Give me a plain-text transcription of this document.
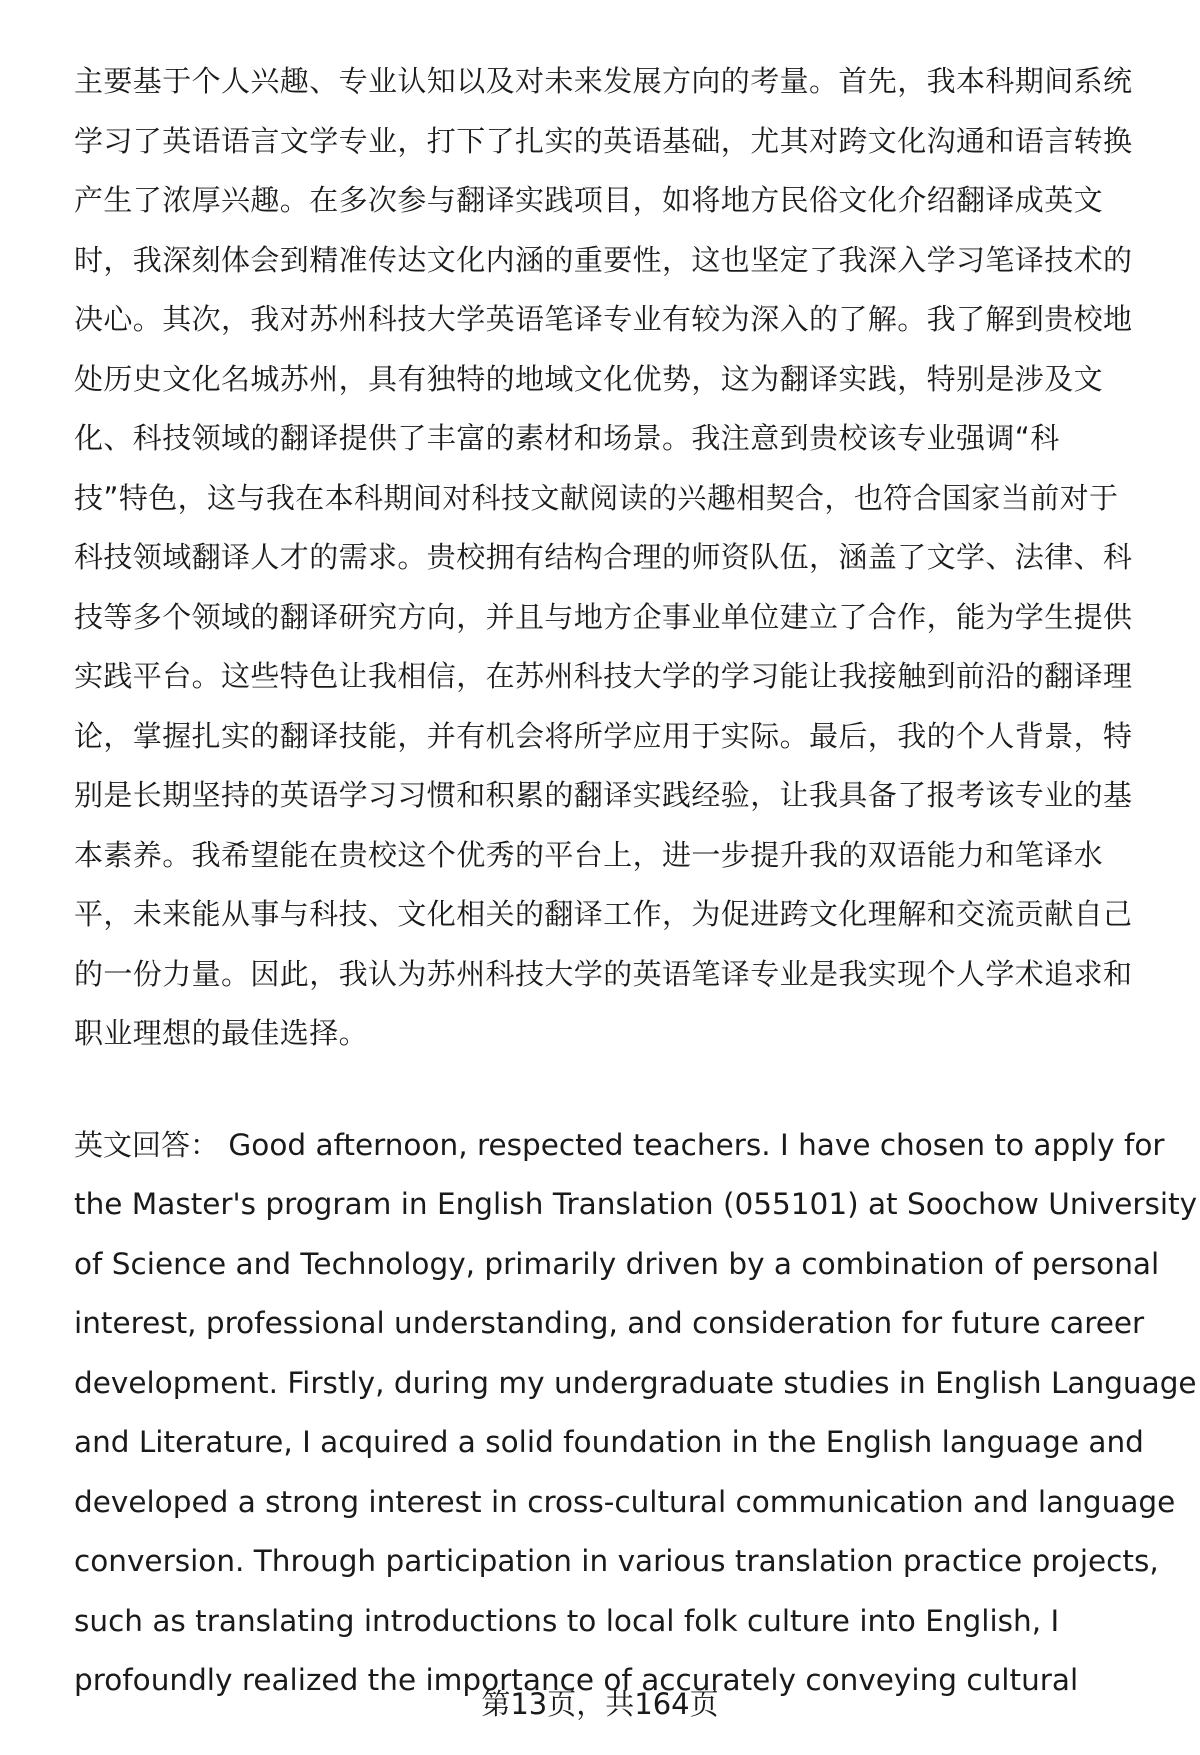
主要基于个人兴趣、专业认知以及对未来发展方向的考量。首先，我本科期间系统
学习了英语语言文学专业，打下了扎实的英语基础，尤其对跨文化沟通和语言转换
产生了浓厚兴趣。在多次参与翻译实践项目，如将地方民俗文化介绍翻译成英文
时，我深刻体会到精准传达文化内涵的重要性，这也坚定了我深入学习笔译技术的
决心。其次，我对苏州科技大学英语笔译专业有较为深入的了解。我了解到贵校地
处历史文化名城苏州，具有独特的地域文化优势，这为翻译实践，特别是涉及文
化、科技领域的翻译提供了丰富的素材和场景。我注意到贵校该专业强调“科
技”特色，这与我在本科期间对科技文献阅读的兴趣相契合，也符合国家当前对于
科技领域翻译人才的需求。贵校拥有结构合理的师资队伍，涵盖了文学、法律、科
技等多个领域的翻译研究方向，并且与地方企事业单位建立了合作，能为学生提供
实践平台。这些特色让我相信，在苏州科技大学的学习能让我接触到前沿的翻译理
论，掌握扎实的翻译技能，并有机会将所学应用于实际。最后，我的个人背景，特
别是长期坚持的英语学习习惯和积累的翻译实践经验，让我具备了报考该专业的基
本素养。我希望能在贵校这个优秀的平台上，进一步提升我的双语能力和笔译水
平，未来能从事与科技、文化相关的翻译工作，为促进跨文化理解和交流贡献自己
的一份力量。因此，我认为苏州科技大学的英语笔译专业是我实现个人学术追求和
职业理想的最佳选择。
英文回答： Good afternoon, respected teachers. I have chosen to apply for
the Master's program in English Translation (055101) at Soochow University
of Science and Technology, primarily driven by a combination of personal
interest, professional understanding, and consideration for future career
development. Firstly, during my undergraduate studies in English Language
and Literature, I acquired a solid foundation in the English language and
developed a strong interest in cross-cultural communication and language
conversion. Through participation in various translation practice projects,
such as translating introductions to local folk culture into English, I
profoundly realized the importance of accurately conveying cultural
第13页，共164页
